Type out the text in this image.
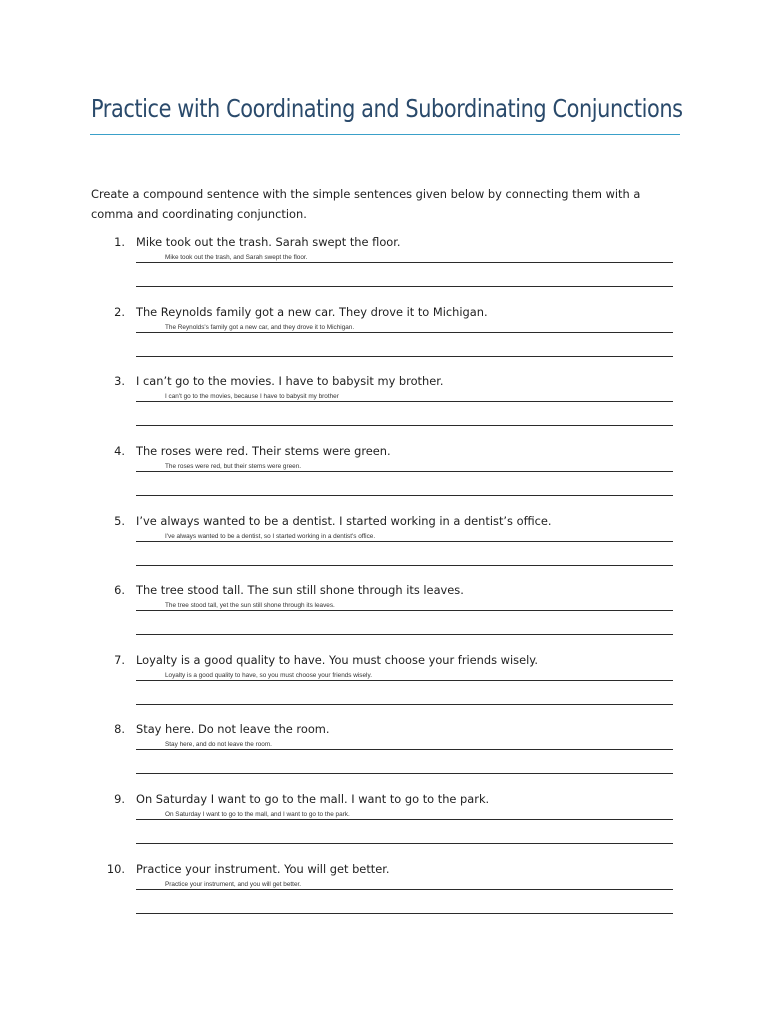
Practice with Coordinating and Subordinating Conjunctions
Create a compound sentence with the simple sentences given below by connecting them with a comma and coordinating conjunction.
1. Mike took out the trash. Sarah swept the floor.
Mike took out the trash, and Sarah swept the floor.
2. The Reynolds family got a new car. They drove it to Michigan.
The Reynolds's family got a new car, and they drove it to Michigan.
3. I can’t go to the movies. I have to babysit my brother.
I can't go to the movies, because I have to babysit my brother
4. The roses were red. Their stems were green.
The roses were red, but their stems were green.
5. I’ve always wanted to be a dentist. I started working in a dentist’s office.
I've always wanted to be a dentist, so I started working in a dentist's office.
6. The tree stood tall. The sun still shone through its leaves.
The tree stood tall, yet the sun still shone through its leaves.
7. Loyalty is a good quality to have. You must choose your friends wisely.
Loyalty is a good quality to have, so you must choose your friends wisely.
8. Stay here. Do not leave the room.
Stay here, and do not leave the room.
9. On Saturday I want to go to the mall. I want to go to the park.
On Saturday I want to go to the mall, and I want to go to the park.
10. Practice your instrument. You will get better.
Practice your instrument, and you will get better.
